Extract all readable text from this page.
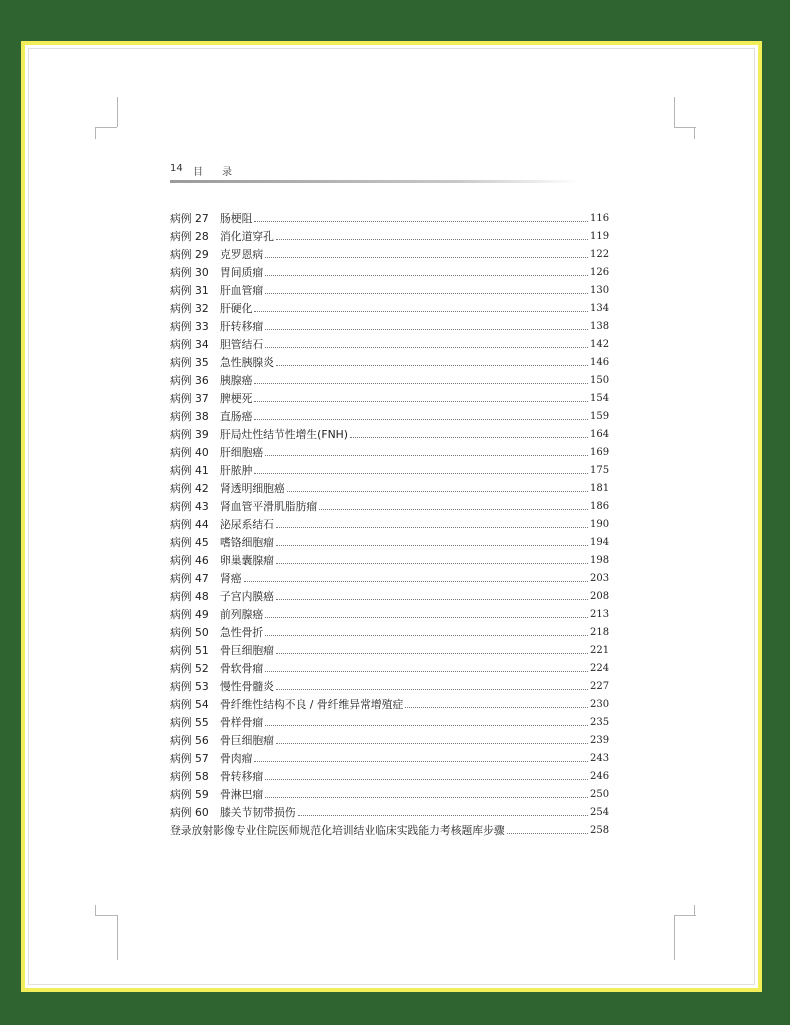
14 目 录
病例 27	肠梗阻	116
病例 28	消化道穿孔	119
病例 29	克罗恩病	122
病例 30	胃间质瘤	126
病例 31	肝血管瘤	130
病例 32	肝硬化	134
病例 33	肝转移瘤	138
病例 34	胆管结石	142
病例 35	急性胰腺炎	146
病例 36	胰腺癌	150
病例 37	脾梗死	154
病例 38	直肠癌	159
病例 39	肝局灶性结节性增生(FNH)	164
病例 40	肝细胞癌	169
病例 41	肝脓肿	175
病例 42	肾透明细胞癌	181
病例 43	肾血管平滑肌脂肪瘤	186
病例 44	泌尿系结石	190
病例 45	嗜铬细胞瘤	194
病例 46	卵巢囊腺瘤	198
病例 47	肾癌	203
病例 48	子宫内膜癌	208
病例 49	前列腺癌	213
病例 50	急性骨折	218
病例 51	骨巨细胞瘤	221
病例 52	骨软骨瘤	224
病例 53	慢性骨髓炎	227
病例 54	骨纤维性结构不良 / 骨纤维异常增殖症	230
病例 55	骨样骨瘤	235
病例 56	骨巨细胞瘤	239
病例 57	骨肉瘤	243
病例 58	骨转移瘤	246
病例 59	骨淋巴瘤	250
病例 60	膝关节韧带损伤	254
登录放射影像专业住院医师规范化培训结业临床实践能力考核题库步骤	258
